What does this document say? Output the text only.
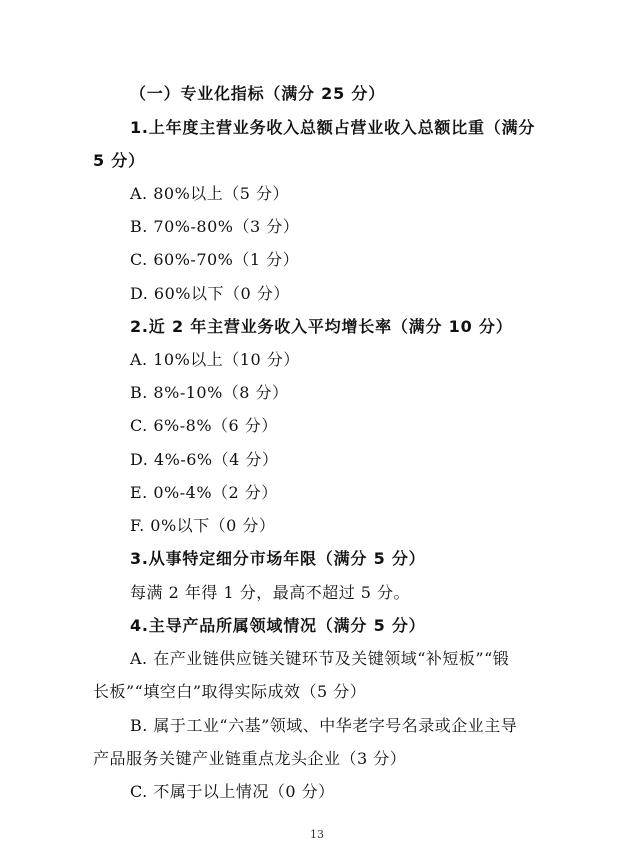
（一）专业化指标（满分 25 分）
1.上年度主营业务收入总额占营业收入总额比重（满分
5 分）
A. 80%以上（5 分）
B. 70%-80%（3 分）
C. 60%-70%（1 分）
D. 60%以下（0 分）
2.近 2 年主营业务收入平均增长率（满分 10 分）
A. 10%以上（10 分）
B. 8%-10%（8 分）
C. 6%-8%（6 分）
D. 4%-6%（4 分）
E. 0%-4%（2 分）
F. 0%以下（0 分）
3.从事特定细分市场年限（满分 5 分）
每满 2 年得 1 分，最高不超过 5 分。
4.主导产品所属领域情况（满分 5 分）
A. 在产业链供应链关键环节及关键领域“补短板”“锻
长板”“填空白”取得实际成效（5 分）
B. 属于工业“六基”领域、中华老字号名录或企业主导
产品服务关键产业链重点龙头企业（3 分）
C. 不属于以上情况（0 分）
13
